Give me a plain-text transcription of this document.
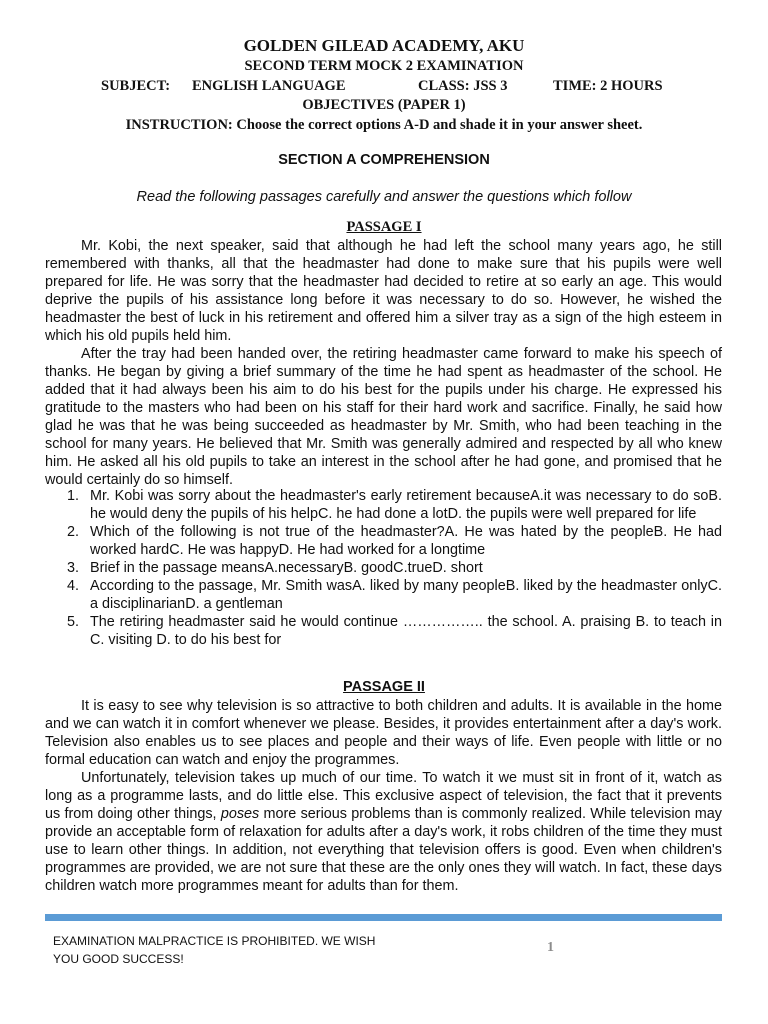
GOLDEN GILEAD ACADEMY, AKU
SECOND TERM MOCK 2 EXAMINATION
SUBJECT: ENGLISH LANGUAGE	CLASS: JSS 3	TIME: 2 HOURS
OBJECTIVES (PAPER 1)
INSTRUCTION: Choose the correct options A-D and shade it in your answer sheet.
SECTION A COMPREHENSION
Read the following passages carefully and answer the questions which follow
PASSAGE I

Mr. Kobi, the next speaker, said that although he had left the school many years ago, he still remembered with thanks, all that the headmaster had done to make sure that his pupils were well prepared for life. He was sorry that the headmaster had decided to retire at so early an age. This would deprive the pupils of his assistance long before it was necessary to do so. However, he wished the headmaster the best of luck in his retirement and offered him a silver tray as a sign of the high esteem in which his old pupils held him.

After the tray had been handed over, the retiring headmaster came forward to make his speech of thanks. He began by giving a brief summary of the time he had spent as headmaster of the school. He added that it had always been his aim to do his best for the pupils under his charge. He expressed his gratitude to the masters who had been on his staff for their hard work and sacrifice. Finally, he said how glad he was that he was being succeeded as headmaster by Mr. Smith, who had been teaching in the school for many years. He believed that Mr. Smith was generally admired and respected by all who knew him. He asked all his old pupils to take an interest in the school after he had gone, and promised that he would certainly do so himself.

1. Mr. Kobi was sorry about the headmaster's early retirement becauseA.it was necessary to do soB. he would deny the pupils of his helpC. he had done a lotD. the pupils were well prepared for life
2. Which of the following is not true of the headmaster?A. He was hated by the peopleB. He had worked hardC. He was happyD. He had worked for a longtime
3. Brief in the passage meansA.necessaryB. goodC.trueD. short
4. According to the passage, Mr. Smith wasA. liked by many peopleB. liked by the headmaster onlyC. a disciplinarianD. a gentleman
5. The retiring headmaster said he would continue …………….. the school. A. praising B. to teach in C. visiting D. to do his best for
PASSAGE II

It is easy to see why television is so attractive to both children and adults. It is available in the home and we can watch it in comfort whenever we please. Besides, it provides entertainment after a day's work. Television also enables us to see places and people and their ways of life. Even people with little or no formal education can watch and enjoy the programmes.

Unfortunately, television takes up much of our time. To watch it we must sit in front of it, watch as long as a programme lasts, and do little else. This exclusive aspect of television, the fact that it prevents us from doing other things, poses more serious problems than is commonly realized. While television may provide an acceptable form of relaxation for adults after a day's work, it robs children of the time they must use to learn other things. In addition, not everything that television offers is good. Even when children's programmes are provided, we are not sure that these are the only ones they will watch. In fact, these days children watch more programmes meant for adults than for them.

EXAMINATION MALPRACTICE IS PROHIBITED. WE WISH YOU GOOD SUCCESS!
1
